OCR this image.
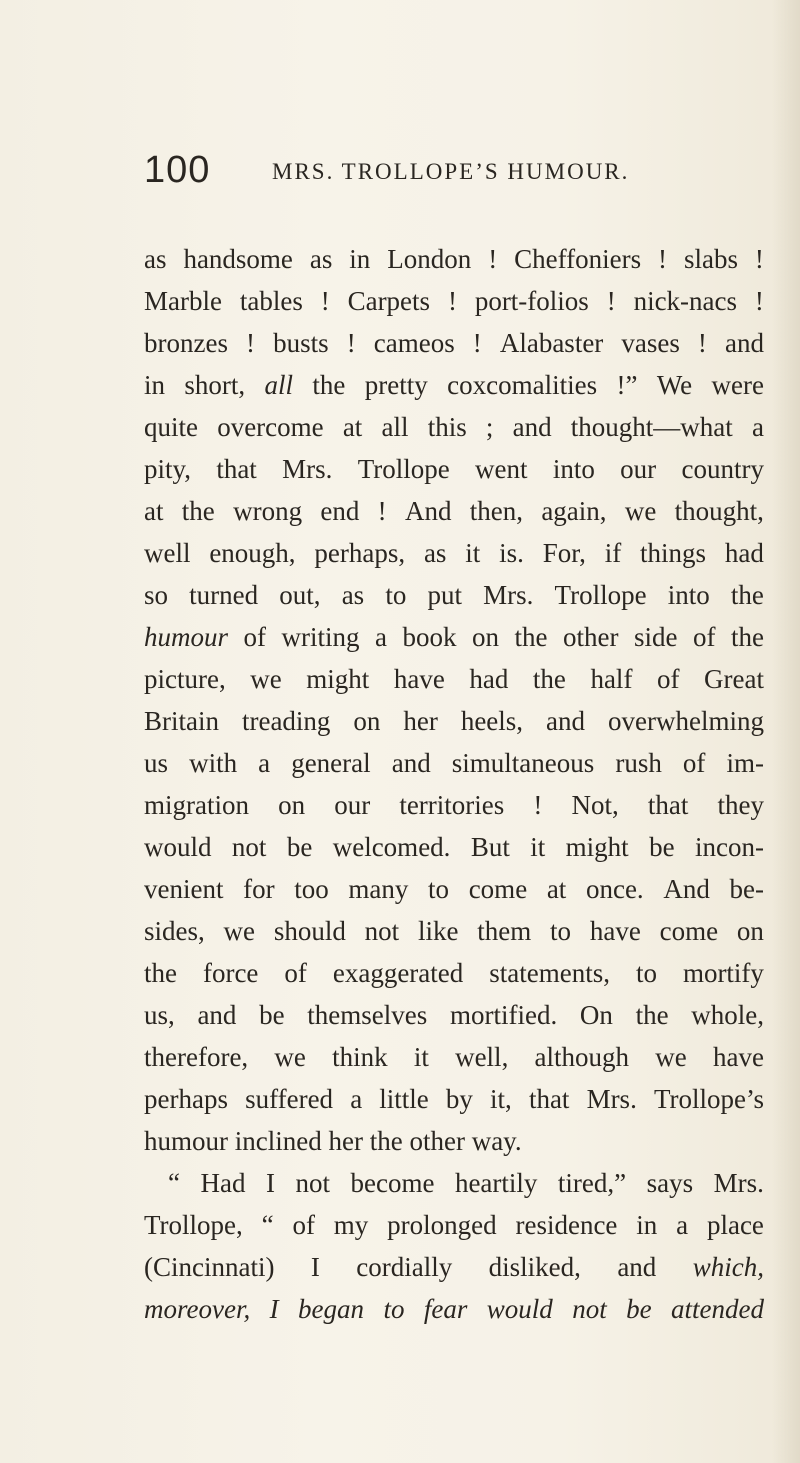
100	MRS. TROLLOPE’S HUMOUR.
as handsome as in London ! Cheffoniers ! slabs !
Marble tables ! Carpets ! port-folios ! nick-nacs !
bronzes ! busts ! cameos ! Alabaster vases ! and
in short, all the pretty coxcomalities !” We were
quite overcome at all this ; and thought—what a
pity, that Mrs. Trollope went into our country
at the wrong end ! And then, again, we thought,
well enough, perhaps, as it is. For, if things had
so turned out, as to put Mrs. Trollope into the
humour of writing a book on the other side of the
picture, we might have had the half of Great
Britain treading on her heels, and overwhelming
us with a general and simultaneous rush of im-
migration on our territories ! Not, that they
would not be welcomed. But it might be incon-
venient for too many to come at once. And be-
sides, we should not like them to have come on
the force of exaggerated statements, to mortify
us, and be themselves mortified. On the whole,
therefore, we think it well, although we have
perhaps suffered a little by it, that Mrs. Trollope’s
humour
inclined
her
the
other
way.
“
Had
I
not
become
heartily
tired,”
says
Mrs.
Trollope, “ of my prolonged residence in a place
(Cincinnati) I cordially disliked, and which,
moreover, I began to fear would not be attended
